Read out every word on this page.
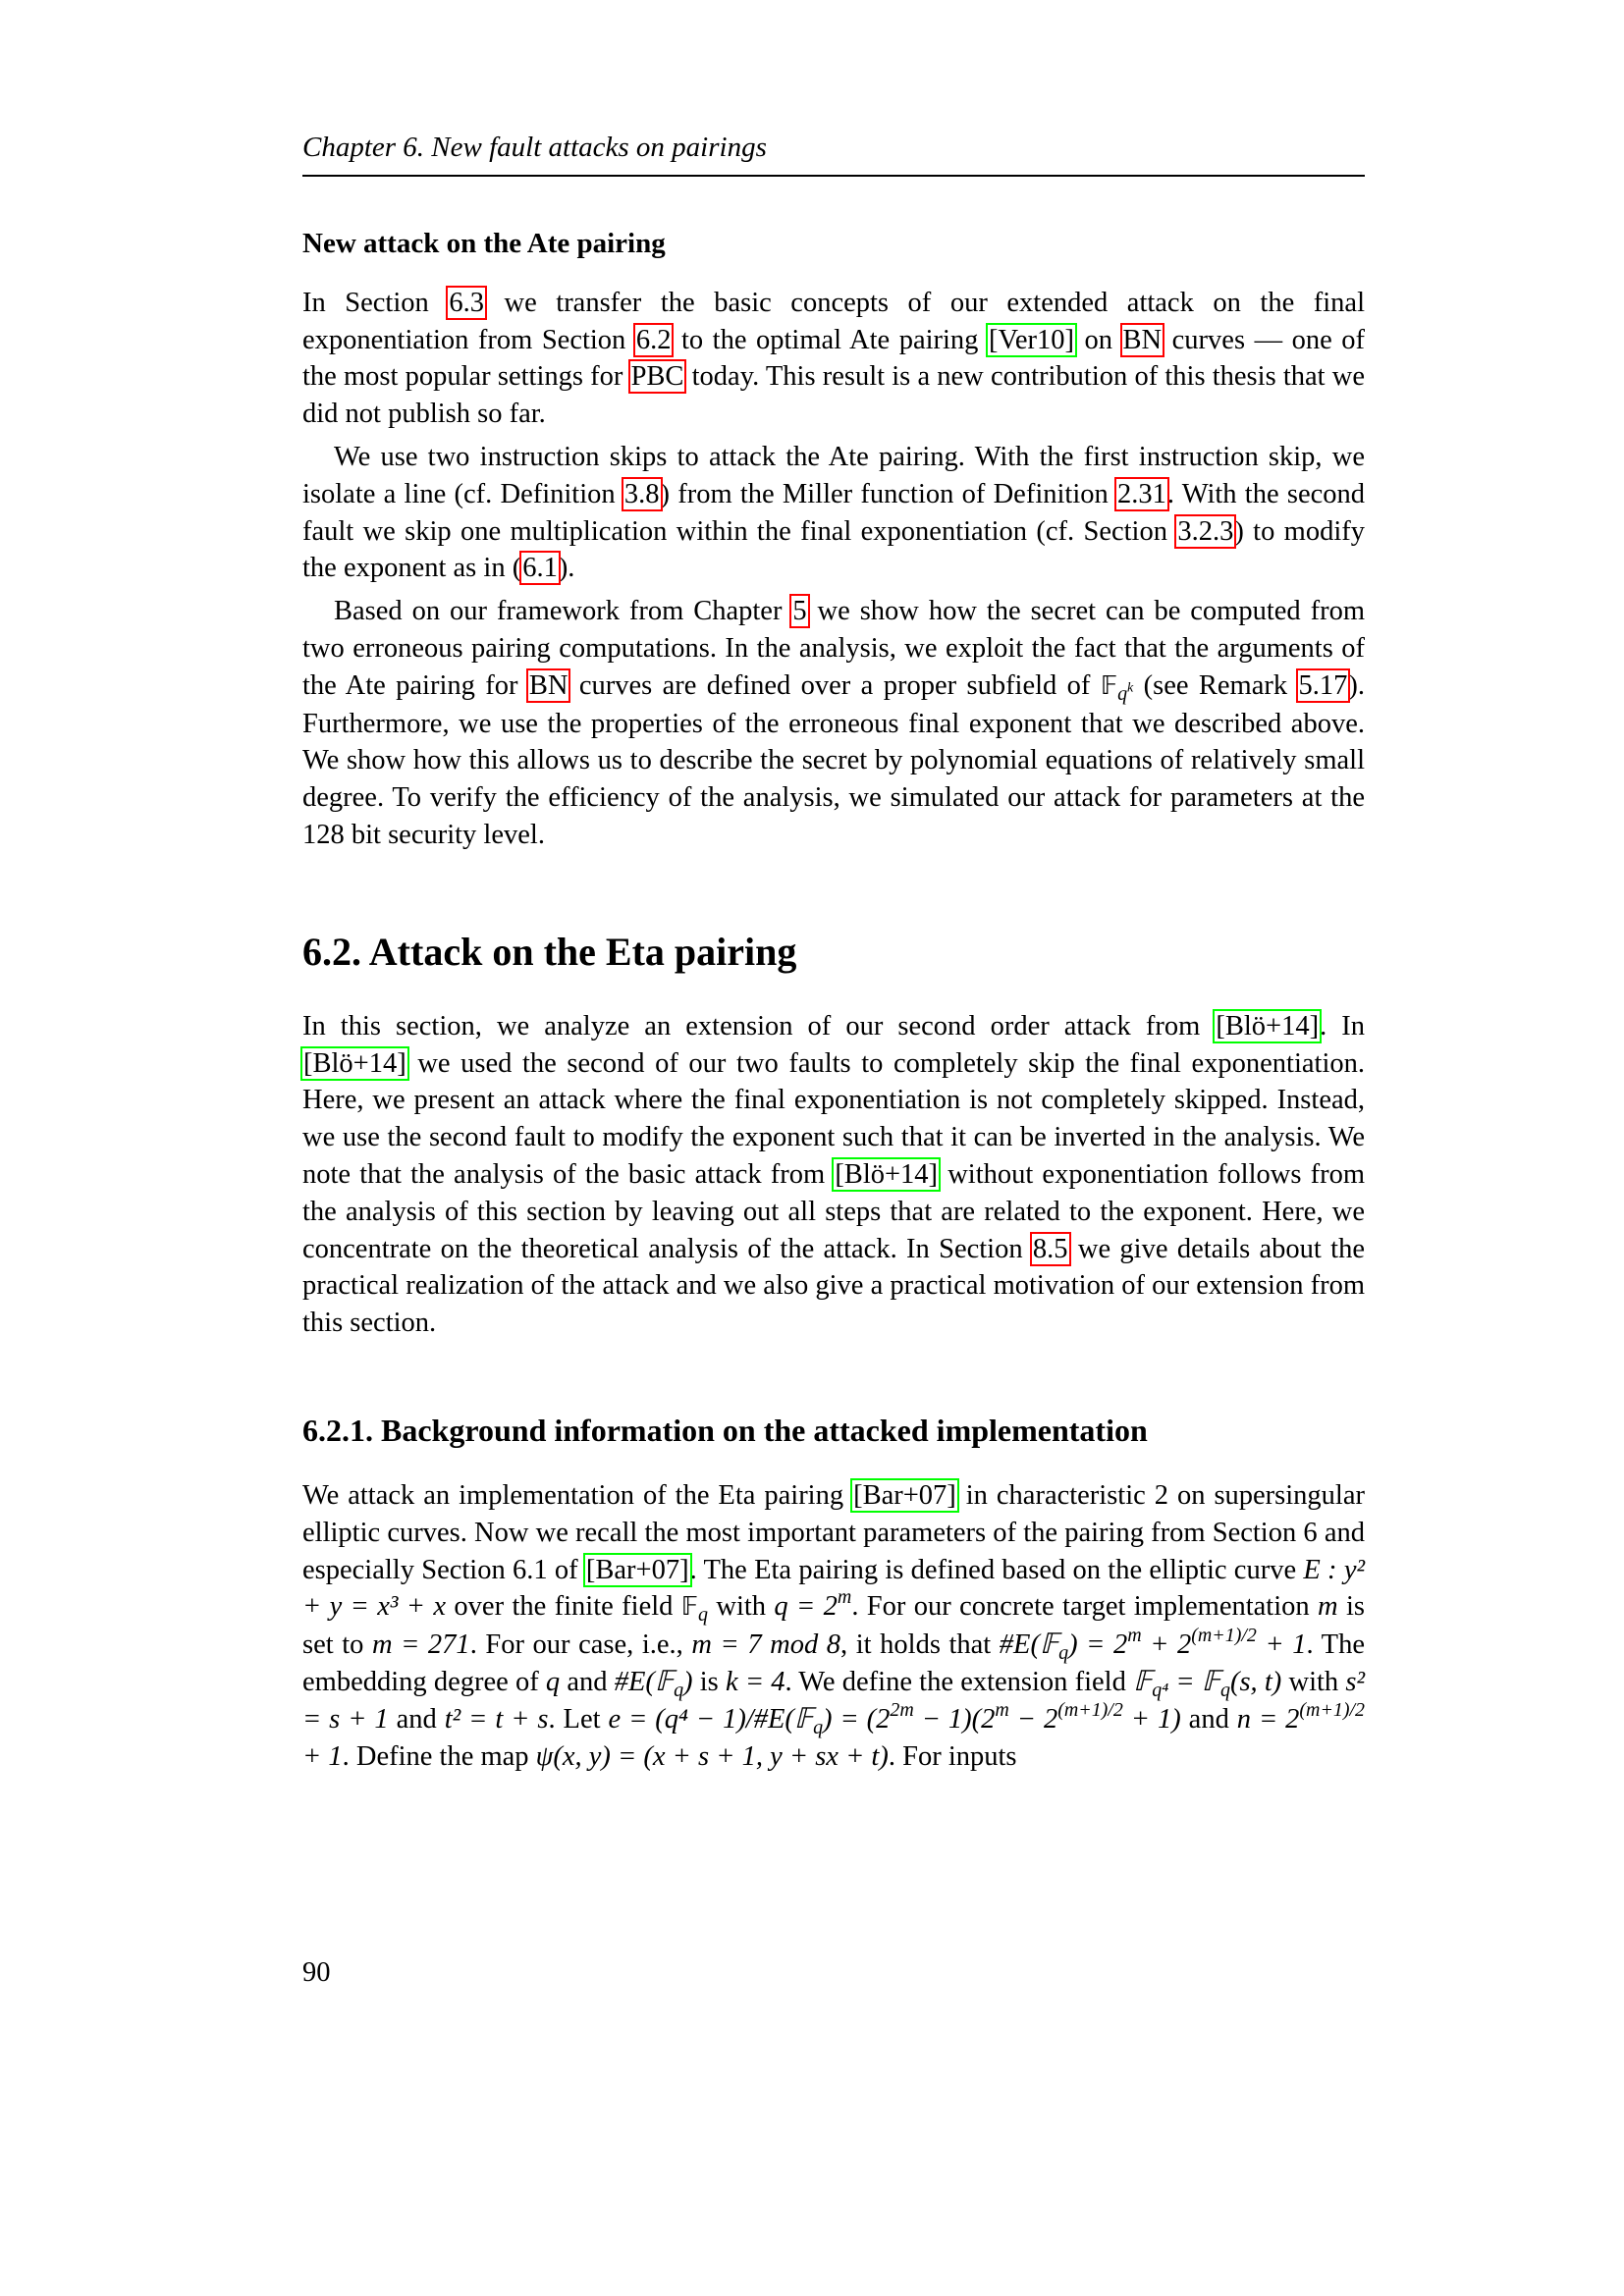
Chapter 6. New fault attacks on pairings
New attack on the Ate pairing

In Section 6.3 we transfer the basic concepts of our extended attack on the final exponentiation from Section 6.2 to the optimal Ate pairing [Ver10] on BN curves — one of the most popular settings for PBC today. This result is a new contribution of this thesis that we did not publish so far.

We use two instruction skips to attack the Ate pairing. With the first instruction skip, we isolate a line (cf. Definition 3.8) from the Miller function of Definition 2.31. With the second fault we skip one multiplication within the final exponentiation (cf. Section 3.2.3) to modify the exponent as in (6.1).

Based on our framework from Chapter 5 we show how the secret can be computed from two erroneous pairing computations. In the analysis, we exploit the fact that the arguments of the Ate pairing for BN curves are defined over a proper subfield of 𝔽$_{q^k}$ (see Remark 5.17). Furthermore, we use the properties of the erroneous final exponent that we described above. We show how this allows us to describe the secret by polynomial equations of relatively small degree. To verify the efficiency of the analysis, we simulated our attack for parameters at the 128 bit security level.

6.2. Attack on the Eta pairing

In this section, we analyze an extension of our second order attack from [Blö+14]. In [Blö+14] we used the second of our two faults to completely skip the final exponentiation. Here, we present an attack where the final exponentiation is not completely skipped. Instead, we use the second fault to modify the exponent such that it can be inverted in the analysis. We note that the analysis of the basic attack from [Blö+14] without exponentiation follows from the analysis of this section by leaving out all steps that are related to the exponent. Here, we concentrate on the theoretical analysis of the attack. In Section 8.5 we give details about the practical realization of the attack and we also give a practical motivation of our extension from this section.

6.2.1. Background information on the attacked implementation

We attack an implementation of the Eta pairing [Bar+07] in characteristic 2 on supersingular elliptic curves. Now we recall the most important parameters of the pairing from Section 6 and especially Section 6.1 of [Bar+07]. The Eta pairing is defined based on the elliptic curve E : y² + y = x³ + x over the finite field 𝔽$_q$ with $q = 2^m$. For our concrete target implementation m is set to m = 271. For our case, i.e., m = 7 mod 8, it holds that #E(𝔽$_q$) = $2^m + 2^{(m+1)/2} + 1$. The embedding degree of q and #E(𝔽$_q$) is k = 4. We define the extension field 𝔽$_{q^4}$ = 𝔽$_q$(s, t) with s² = s + 1 and t² = t + s. Let e = (q⁴ − 1)/#E(𝔽$_q$) = $(2^{2m} - 1)(2^m - 2^{(m+1)/2} + 1)$ and $n = 2^{(m+1)/2} + 1$. Define the map ψ(x, y) = (x + s + 1, y + sx + t). For inputs

90
